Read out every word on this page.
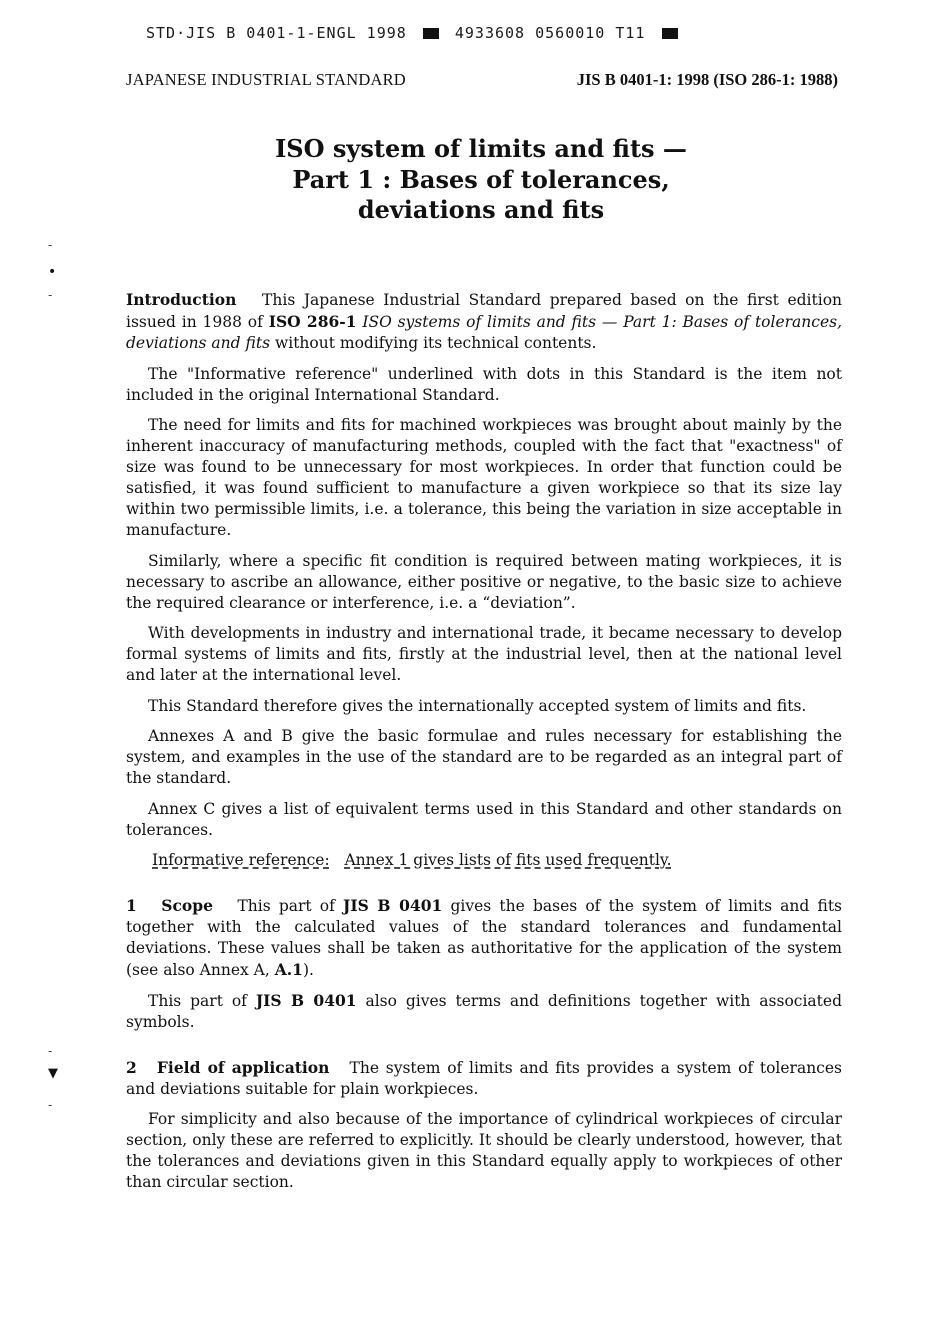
STD·JIS B 0401-1-ENGL 1998	4933608 0560010 T11
JAPANESE INDUSTRIAL STANDARD	JIS B 0401-1: 1998 (ISO 286-1: 1988)
ISO system of limits and fits —
Part 1 : Bases of tolerances,
deviations and fits
-
•
-
-
▼
-

Introduction This Japanese Industrial Standard prepared based on the first edition issued in 1988 of ISO 286-1 ISO systems of limits and fits — Part 1: Bases of tolerances, deviations and fits without modifying its technical contents.

The "Informative reference" underlined with dots in this Standard is the item not included in the original International Standard.

The need for limits and fits for machined workpieces was brought about mainly by the inherent inaccuracy of manufacturing methods, coupled with the fact that "exactness" of size was found to be unnecessary for most workpieces. In order that function could be satisfied, it was found sufficient to manufacture a given workpiece so that its size lay within two permissible limits, i.e. a tolerance, this being the variation in size acceptable in manufacture.

Similarly, where a specific fit condition is required between mating workpieces, it is necessary to ascribe an allowance, either positive or negative, to the basic size to achieve the required clearance or interference, i.e. a “deviation”.

With developments in industry and international trade, it became necessary to develop formal systems of limits and fits, firstly at the industrial level, then at the national level and later at the international level.

This Standard therefore gives the internationally accepted system of limits and fits.

Annexes A and B give the basic formulae and rules necessary for establishing the system, and examples in the use of the standard are to be regarded as an integral part of the standard.

Annex C gives a list of equivalent terms used in this Standard and other standards on tolerances.

Informative reference: Annex 1 gives lists of fits used frequently.

1 Scope This part of JIS B 0401 gives the bases of the system of limits and fits together with the calculated values of the standard tolerances and fundamental deviations. These values shall be taken as authoritative for the application of the system (see also Annex A, A.1).

This part of JIS B 0401 also gives terms and definitions together with associated symbols.

2 Field of application The system of limits and fits provides a system of tolerances and deviations suitable for plain workpieces.

For simplicity and also because of the importance of cylindrical workpieces of circular section, only these are referred to explicitly. It should be clearly understood, however, that the tolerances and deviations given in this Standard equally apply to workpieces of other than circular section.
